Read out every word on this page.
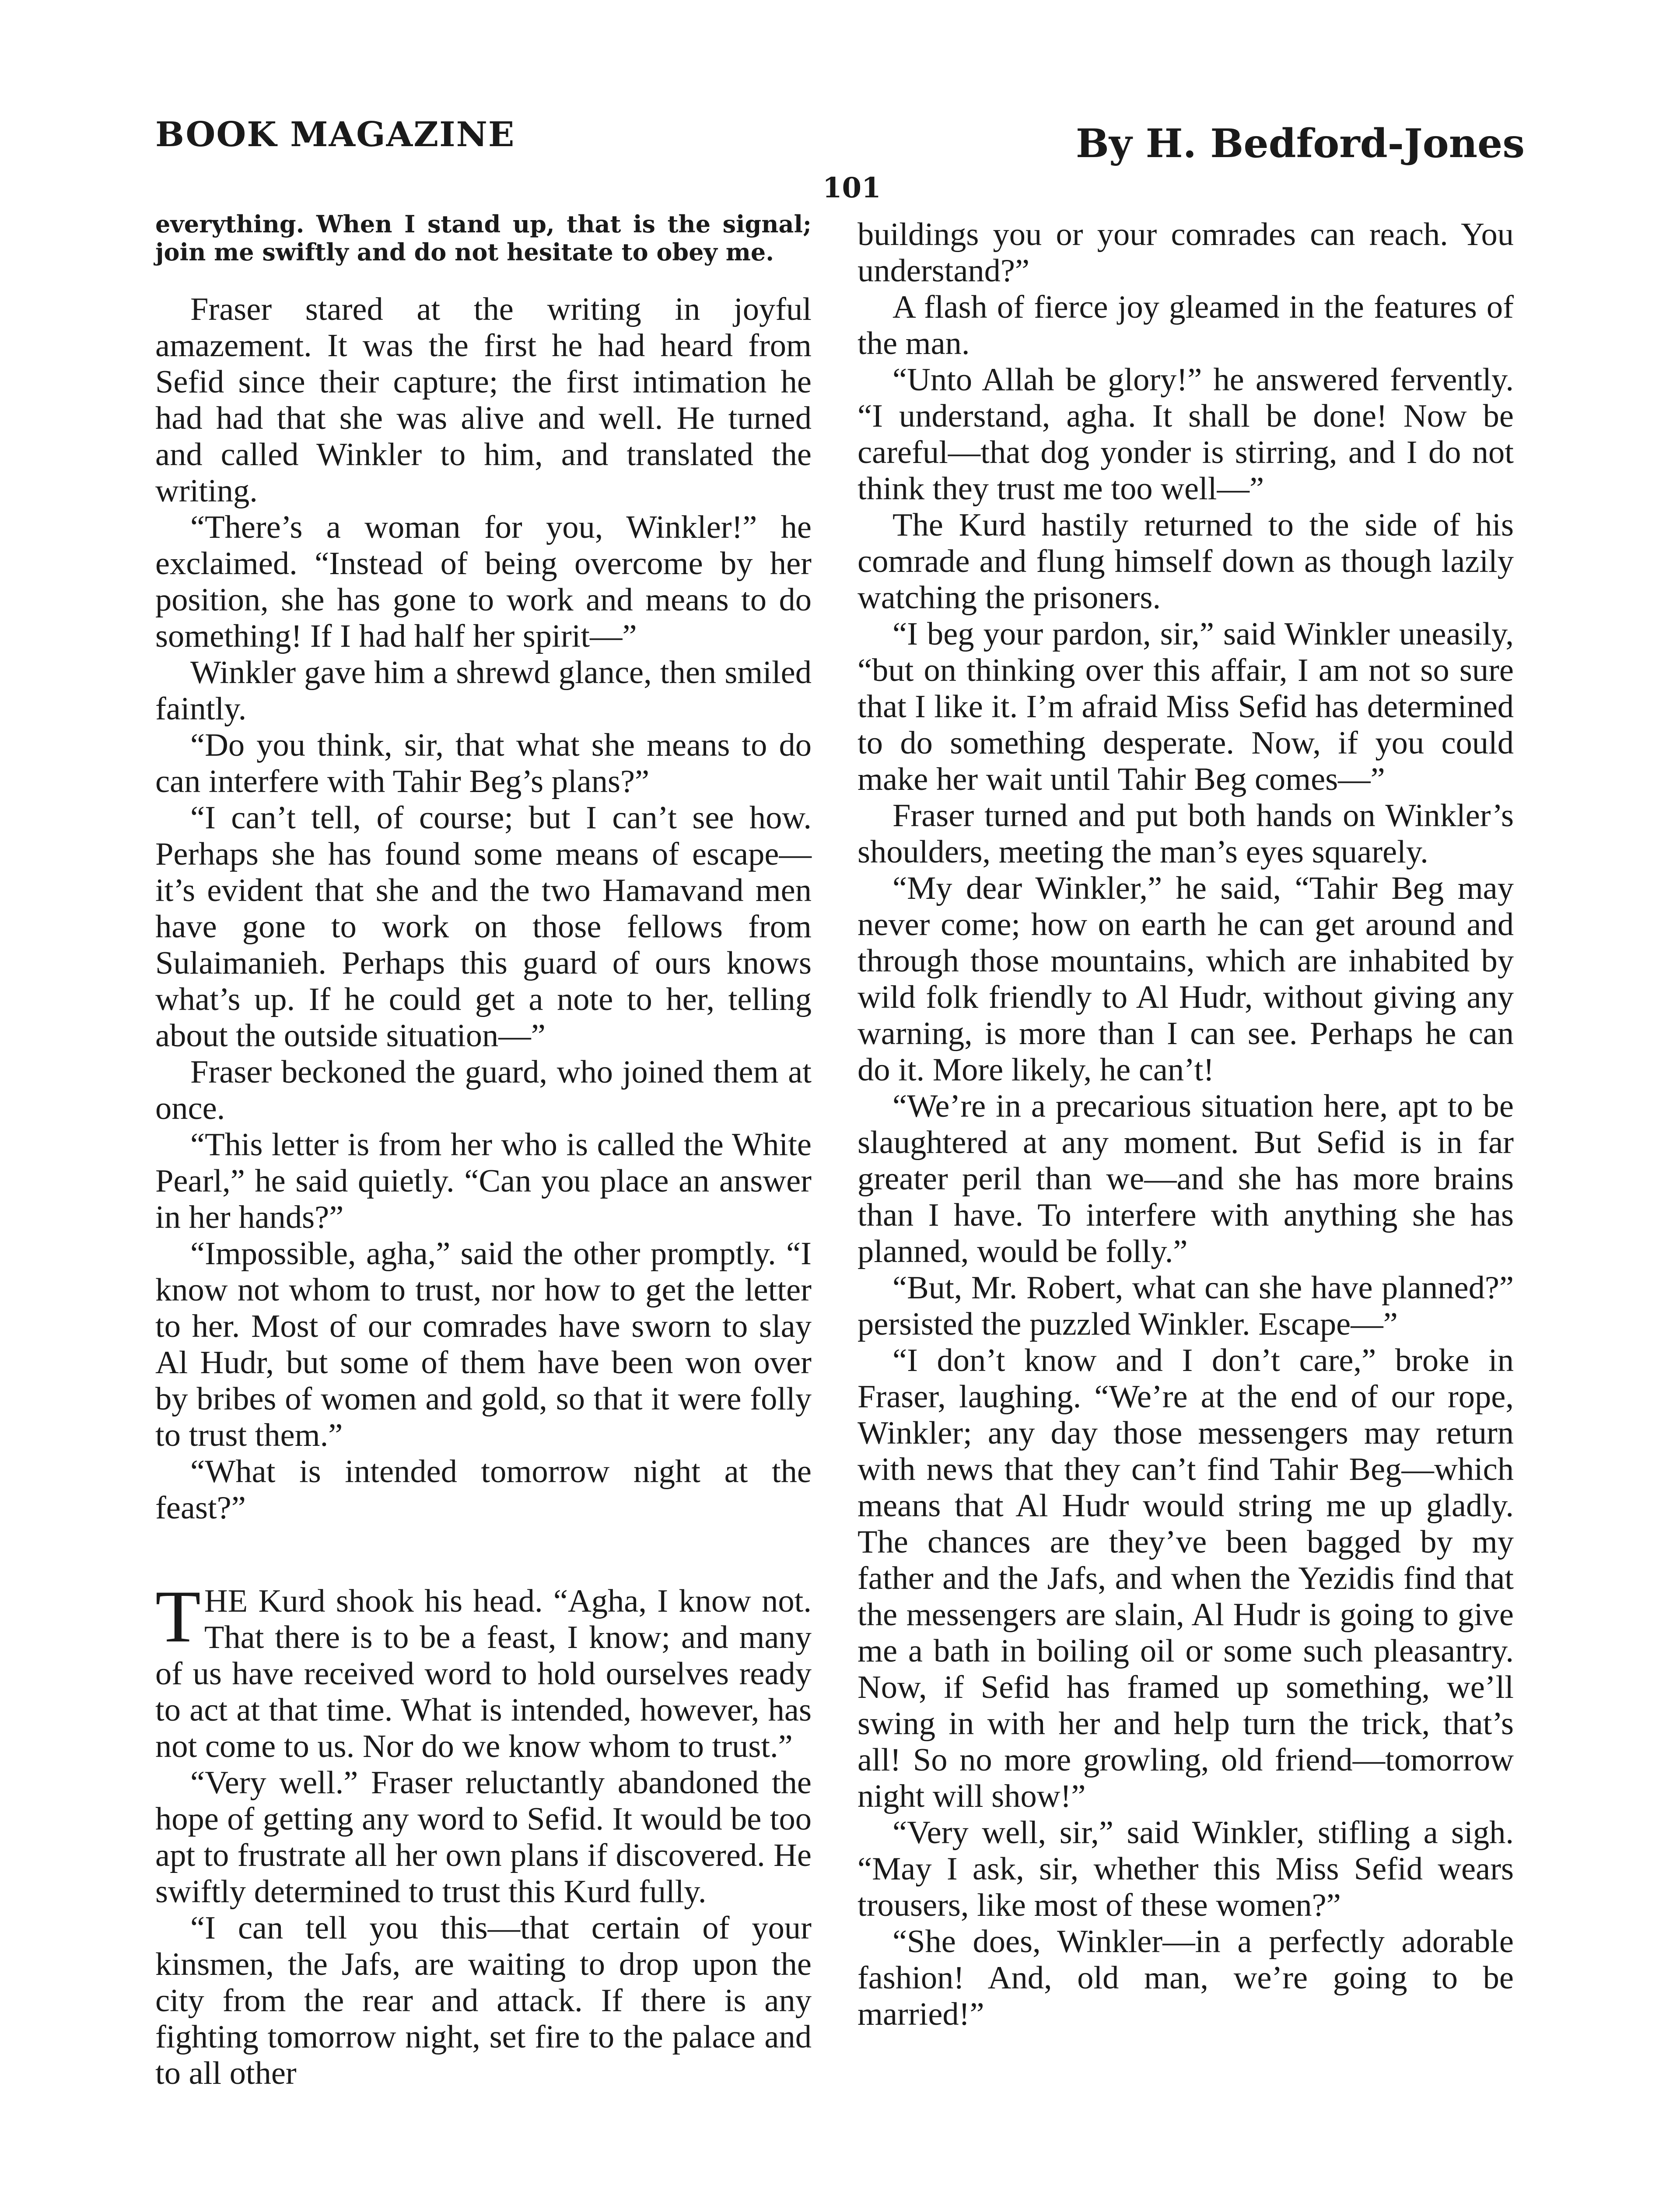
BOOK MAGAZINE	By H. Bedford-Jones
101

everything. When I stand up, that is the signal; join me swiftly and do not hesitate to obey me.

Fraser stared at the writing in joyful amazement. It was the first he had heard from Sefid since their capture; the first intimation he had had that she was alive and well. He turned and called Winkler to him, and translated the writing.

“There’s a woman for you, Winkler!” he exclaimed. “Instead of being overcome by her position, she has gone to work and means to do something! If I had half her spirit—”

Winkler gave him a shrewd glance, then smiled faintly.

“Do you think, sir, that what she means to do can interfere with Tahir Beg’s plans?”

“I can’t tell, of course; but I can’t see how. Perhaps she has found some means of escape—it’s evident that she and the two Hamavand men have gone to work on those fellows from Sulaimanieh. Perhaps this guard of ours knows what’s up. If he could get a note to her, telling about the outside situation—”

Fraser beckoned the guard, who joined them at once.

“This letter is from her who is called the White Pearl,” he said quietly. “Can you place an answer in her hands?”

“Impossible, agha,” said the other promptly. “I know not whom to trust, nor how to get the letter to her. Most of our comrades have sworn to slay Al Hudr, but some of them have been won over by bribes of women and gold, so that it were folly to trust them.”

“What is intended tomorrow night at the feast?”

THE Kurd shook his head. “Agha, I know not. That there is to be a feast, I know; and many of us have received word to hold ourselves ready to act at that time. What is intended, however, has not come to us. Nor do we know whom to trust.”

“Very well.” Fraser reluctantly abandoned the hope of getting any word to Sefid. It would be too apt to frustrate all her own plans if discovered. He swiftly determined to trust this Kurd fully.

“I can tell you this—that certain of your kinsmen, the Jafs, are waiting to drop upon the city from the rear and attack. If there is any fighting tomorrow night, set fire to the palace and to all other

buildings you or your comrades can reach. You understand?”

A flash of fierce joy gleamed in the features of the man.

“Unto Allah be glory!” he answered fervently. “I understand, agha. It shall be done! Now be careful—that dog yonder is stirring, and I do not think they trust me too well—”

The Kurd hastily returned to the side of his comrade and flung himself down as though lazily watching the prisoners.

“I beg your pardon, sir,” said Winkler uneasily, “but on thinking over this affair, I am not so sure that I like it. I’m afraid Miss Sefid has determined to do something desperate. Now, if you could make her wait until Tahir Beg comes—”

Fraser turned and put both hands on Winkler’s shoulders, meeting the man’s eyes squarely.

“My dear Winkler,” he said, “Tahir Beg may never come; how on earth he can get around and through those mountains, which are inhabited by wild folk friendly to Al Hudr, without giving any warning, is more than I can see. Perhaps he can do it. More likely, he can’t!

“We’re in a precarious situation here, apt to be slaughtered at any moment. But Sefid is in far greater peril than we—and she has more brains than I have. To interfere with anything she has planned, would be folly.”

“But, Mr. Robert, what can she have planned?” persisted the puzzled Winkler. Escape—”

“I don’t know and I don’t care,” broke in Fraser, laughing. “We’re at the end of our rope, Winkler; any day those messengers may return with news that they can’t find Tahir Beg—which means that Al Hudr would string me up gladly. The chances are they’ve been bagged by my father and the Jafs, and when the Yezidis find that the messengers are slain, Al Hudr is going to give me a bath in boiling oil or some such pleasantry. Now, if Sefid has framed up something, we’ll swing in with her and help turn the trick, that’s all! So no more growling, old friend—tomorrow night will show!”

“Very well, sir,” said Winkler, stifling a sigh. “May I ask, sir, whether this Miss Sefid wears trousers, like most of these women?”

“She does, Winkler—in a perfectly adorable fashion! And, old man, we’re going to be married!”
